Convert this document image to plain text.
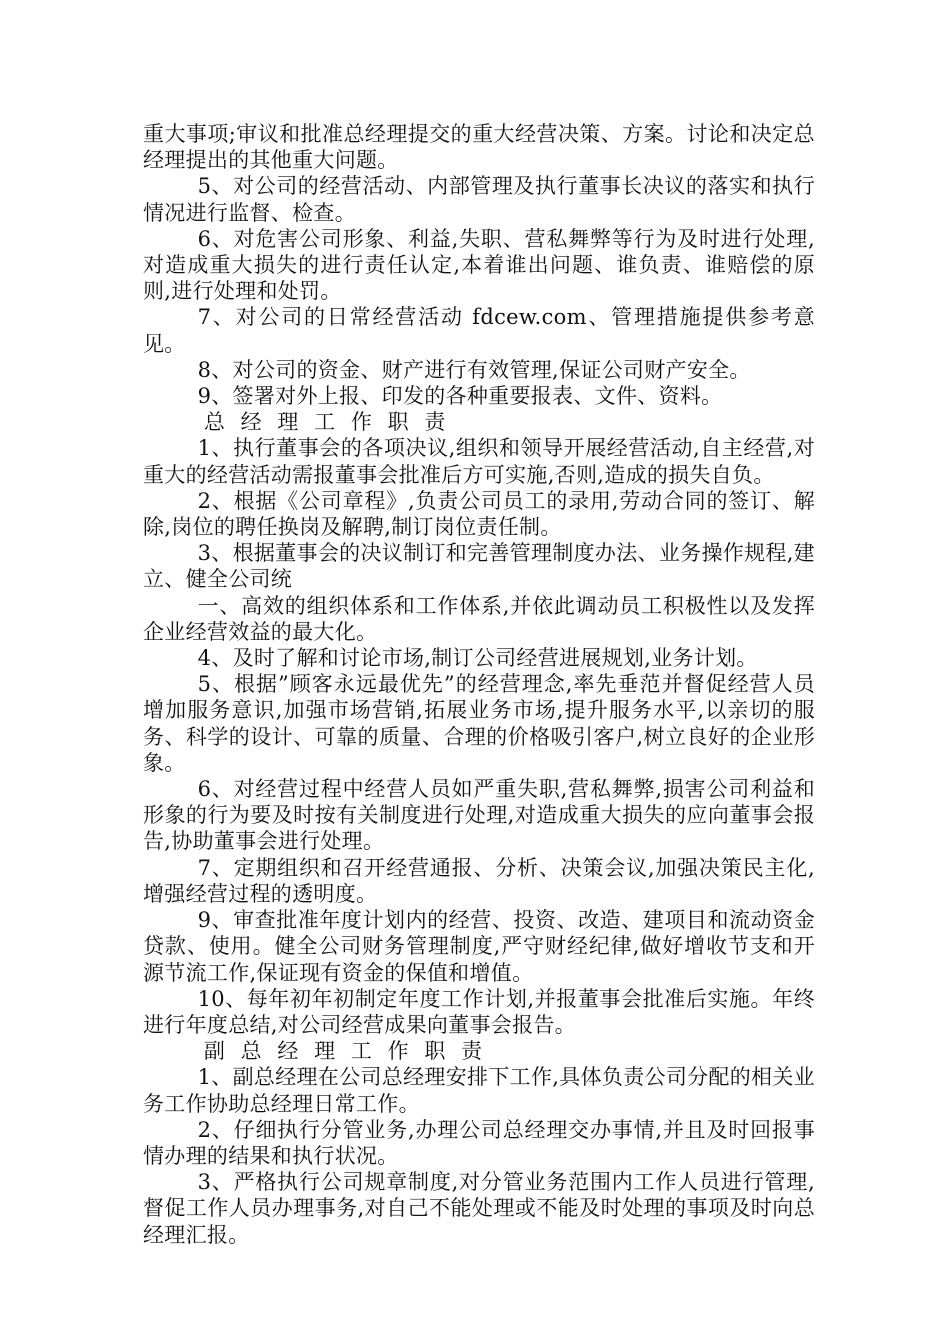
重大事项;审议和批准总经理提交的重大经营决策、方案。讨论和决定总经理提出的其他重大问题。

5、对公司的经营活动、内部管理及执行董事长决议的落实和执行情况进行监督、检查。

6、对危害公司形象、利益,失职、营私舞弊等行为及时进行处理,对造成重大损失的进行责任认定,本着谁出问题、谁负责、谁赔偿的原则,进行处理和处罚。

7、对公司的日常经营活动 fdcew.com、管理措施提供参考意见。

8、对公司的资金、财产进行有效管理,保证公司财产安全。

9、签署对外上报、印发的各种重要报表、文件、资料。

总经理工作职责

1、执行董事会的各项决议,组织和领导开展经营活动,自主经营,对重大的经营活动需报董事会批准后方可实施,否则,造成的损失自负。

2、根据《公司章程》,负责公司员工的录用,劳动合同的签订、解除,岗位的聘任换岗及解聘,制订岗位责任制。

3、根据董事会的决议制订和完善管理制度办法、业务操作规程,建立、健全公司统

一、高效的组织体系和工作体系,并依此调动员工积极性以及发挥企业经营效益的最大化。

4、及时了解和讨论市场,制订公司经营进展规划,业务计划。

5、根据”顾客永远最优先”的经营理念,率先垂范并督促经营人员增加服务意识,加强市场营销,拓展业务市场,提升服务水平,以亲切的服务、科学的设计、可靠的质量、合理的价格吸引客户,树立良好的企业形象。

6、对经营过程中经营人员如严重失职,营私舞弊,损害公司利益和形象的行为要及时按有关制度进行处理,对造成重大损失的应向董事会报告,协助董事会进行处理。

7、定期组织和召开经营通报、分析、决策会议,加强决策民主化,增强经营过程的透明度。

9、审查批准年度计划内的经营、投资、改造、建项目和流动资金贷款、使用。健全公司财务管理制度,严守财经纪律,做好增收节支和开源节流工作,保证现有资金的保值和增值。

10、每年初年初制定年度工作计划,并报董事会批准后实施。年终进行年度总结,对公司经营成果向董事会报告。

副总经理工作职责

1、副总经理在公司总经理安排下工作,具体负责公司分配的相关业务工作协助总经理日常工作。

2、仔细执行分管业务,办理公司总经理交办事情,并且及时回报事情办理的结果和执行状况。

3、严格执行公司规章制度,对分管业务范围内工作人员进行管理,督促工作人员办理事务,对自己不能处理或不能及时处理的事项及时向总经理汇报。
